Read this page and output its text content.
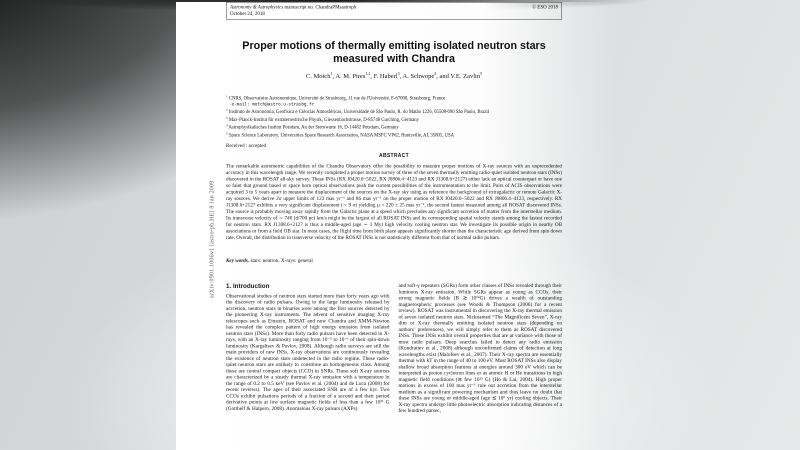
arXiv:0901.1006v1 [astro-ph.HE] 8 Jan 2009
Astronomy & Astrophysics manuscript no. ChandraPMsastroph
October 24, 2018
© ESO 2018
Proper motions of thermally emitting isolated neutron stars
measured with Chandra
C. Motch$^1$, A. M. Pires$^{1,2}$, F. Haberl$^3$, A. Schwope$^4$, and V.E. Zavlin$^5$
$^1$ CNRS, Observatoire Astronomique, Université de Strasbourg, 11 rue de l'Université, F-67000, Strasbourg, France
e-mail: motch@astro.u-strasbg.fr
$^2$ Instituto de Astronomia, Geofísica e Ciências Atmosféricas, Universidade de São Paulo, R. do Matão 1226, 05508-090 São Paulo, Brazil
$^3$ Max-Planck-Institut für extraterrestrische Physik, Giessenbachstrasse, D-85748 Garching, Germany
$^4$ Astrophysikalisches Institut Potsdam, An der Sternwarte 16, D-14482 Potsdam, Germany
$^5$ Space Science Laboratory, Universities Space Research Association, NASA MSFC VP62, Huntsville, AL 35805, USA
Received : accepted
ABSTRACT
The remarkable astrometric capabilities of the Chandra Observatory offer the possibility to measure proper motions of X-ray sources with an unprecedented accuracy in this wavelength range. We recently completed a proper motion survey of three of the seven thermally emitting radio-quiet isolated neutron stars (INSs) discovered in the ROSAT all-sky survey. These INSs (RX J0420.0−5022, RX J0806.4−4123 and RX J1308.6+2127) either lack an optical counterpart or have one so faint that ground based or space born optical observations push the current possibilities of the instrumentation to the limit. Pairs of ACIS observations were acquired 3 to 5 years apart to measure the displacement of the sources on the X-ray sky using as reference the background of extragalactic or remote Galactic X-ray sources. We derive 2σ upper limits of 123 mas yr⁻¹ and 86 mas yr⁻¹ on the proper motion of RX J0420.0−5022 and RX J0806.4−4123, respectively. RX J1308.6+2127 exhibits a very significant displacement (∼ 9 σ) yielding µ = 220 ± 25 mas yr⁻¹, the second fastest measured among all ROSAT discovered INSs. The source is probably moving away rapidly from the Galactic plane at a speed which precludes any significant accretion of matter from the interstellar medium. Its transverse velocity of ∼ 740 (d/700 pc) km/s might be the largest of all ROSAT INSs and its corresponding spatial velocity stands among the fastest recorded for neutron stars. RX J1308.6+2127 is thus a middle-aged (age ∼ 1 My) high velocity cooling neutron star. We investigate its possible origin in nearby OB associations or from a field OB star. In most cases, the flight time from birth place appears significantly shorter than the characteristic age derived from spin down rate. Overall, the distribution in transverse velocity of the ROSAT INSs is not statistically different from that of normal radio pulsars.
Key words. stars: neutron, X-rays: general
1. Introduction
Observational studies of neutron stars started more than forty years ago with the discovery of radio pulsars. Owing to the large luminosity released by accretion, neutron stars in binaries were among the first sources detected by the pioneering X-ray instruments. The advent of sensitive imaging X-ray telescopes such as Einstein, ROSAT and now Chandra and XMM-Newton has revealed the complex pattern of high energy emission from isolated neutron stars (INSs). More than forty radio pulsars have been detected in X-rays, with an X-ray luminosity ranging from 10⁻⁵ to 10⁻¹ of their spin-down luminosity (Kargaltsev & Pavlov, 2008). Although radio surveys are still the main providers of new INSs, X-ray observations are continuously revealing the existence of neutron stars undetected in the radio regime. These radio-quiet neutron stars are unlikely to constitute an homogeneous class. Among these are central compact objects (CCO) in SNRs. These soft X-ray sources are characterized by a steady thermal X-ray emission with a temperature in the range of 0.2 to 0.5 keV (see Pavlov et al. (2004) and de Luca (2008) for recent reviews). The ages of their associated SNR are of a few kyr. Two CCOs exhibit pulsations periods of a fraction of a second and their period derivative points at low surface magnetic fields of less than a few 10¹¹ G (Gotthelf & Halpern, 2008). Anomalous X-ray pulsars (AXPs)
and soft-γ repeaters (SGRs) form other classes of INSs revealed through their luminous X-ray emission. While SGRs appear as young as CCOs, their strong magnetic fields (B ≳ 10¹⁴G) drives a wealth of outstanding magnetospheric processes (see Woods & Thompson (2006) for a recent review). ROSAT was instrumental in discovering the X-ray thermal emission of seven isolated neutron stars. Nicknamed “The Magnificent Seven”, X-ray dim or X-ray thermally emitting isolated neutron stars (depending on authors’ preferences), we will simply refer to them as ROSAT discovered INSs. These INSs exhibit overall properties that are at variance with those of most radio pulsars. Deep searches failed to detect any radio emission (Kondratiev et al., 2008) although unconfirmed claims of detection at long wavelengths exist (Malofeev et al., 2007). Their X-ray spectra are essentially thermal with kT in the range of 40 to 100 eV. Most ROSAT INSs also display shallow broad absorption features at energies around 300 eV which can be interpreted as proton cyclotron lines or as atomic H or He transitions in high magnetic field conditions (≳ few 10¹³ G) (Ho & Lai, 2004). High proper motions in excess of 100 mas yr⁻¹ rule out accretion from the interstellar medium as a significant powering mechanism and thus leave no doubt that these INSs are young or middle-aged (age ≲ 10⁶ yr) cooling objects. Their X-ray spectra undergo little photoelectric absorption indicating distances of a few hundred parsec,
